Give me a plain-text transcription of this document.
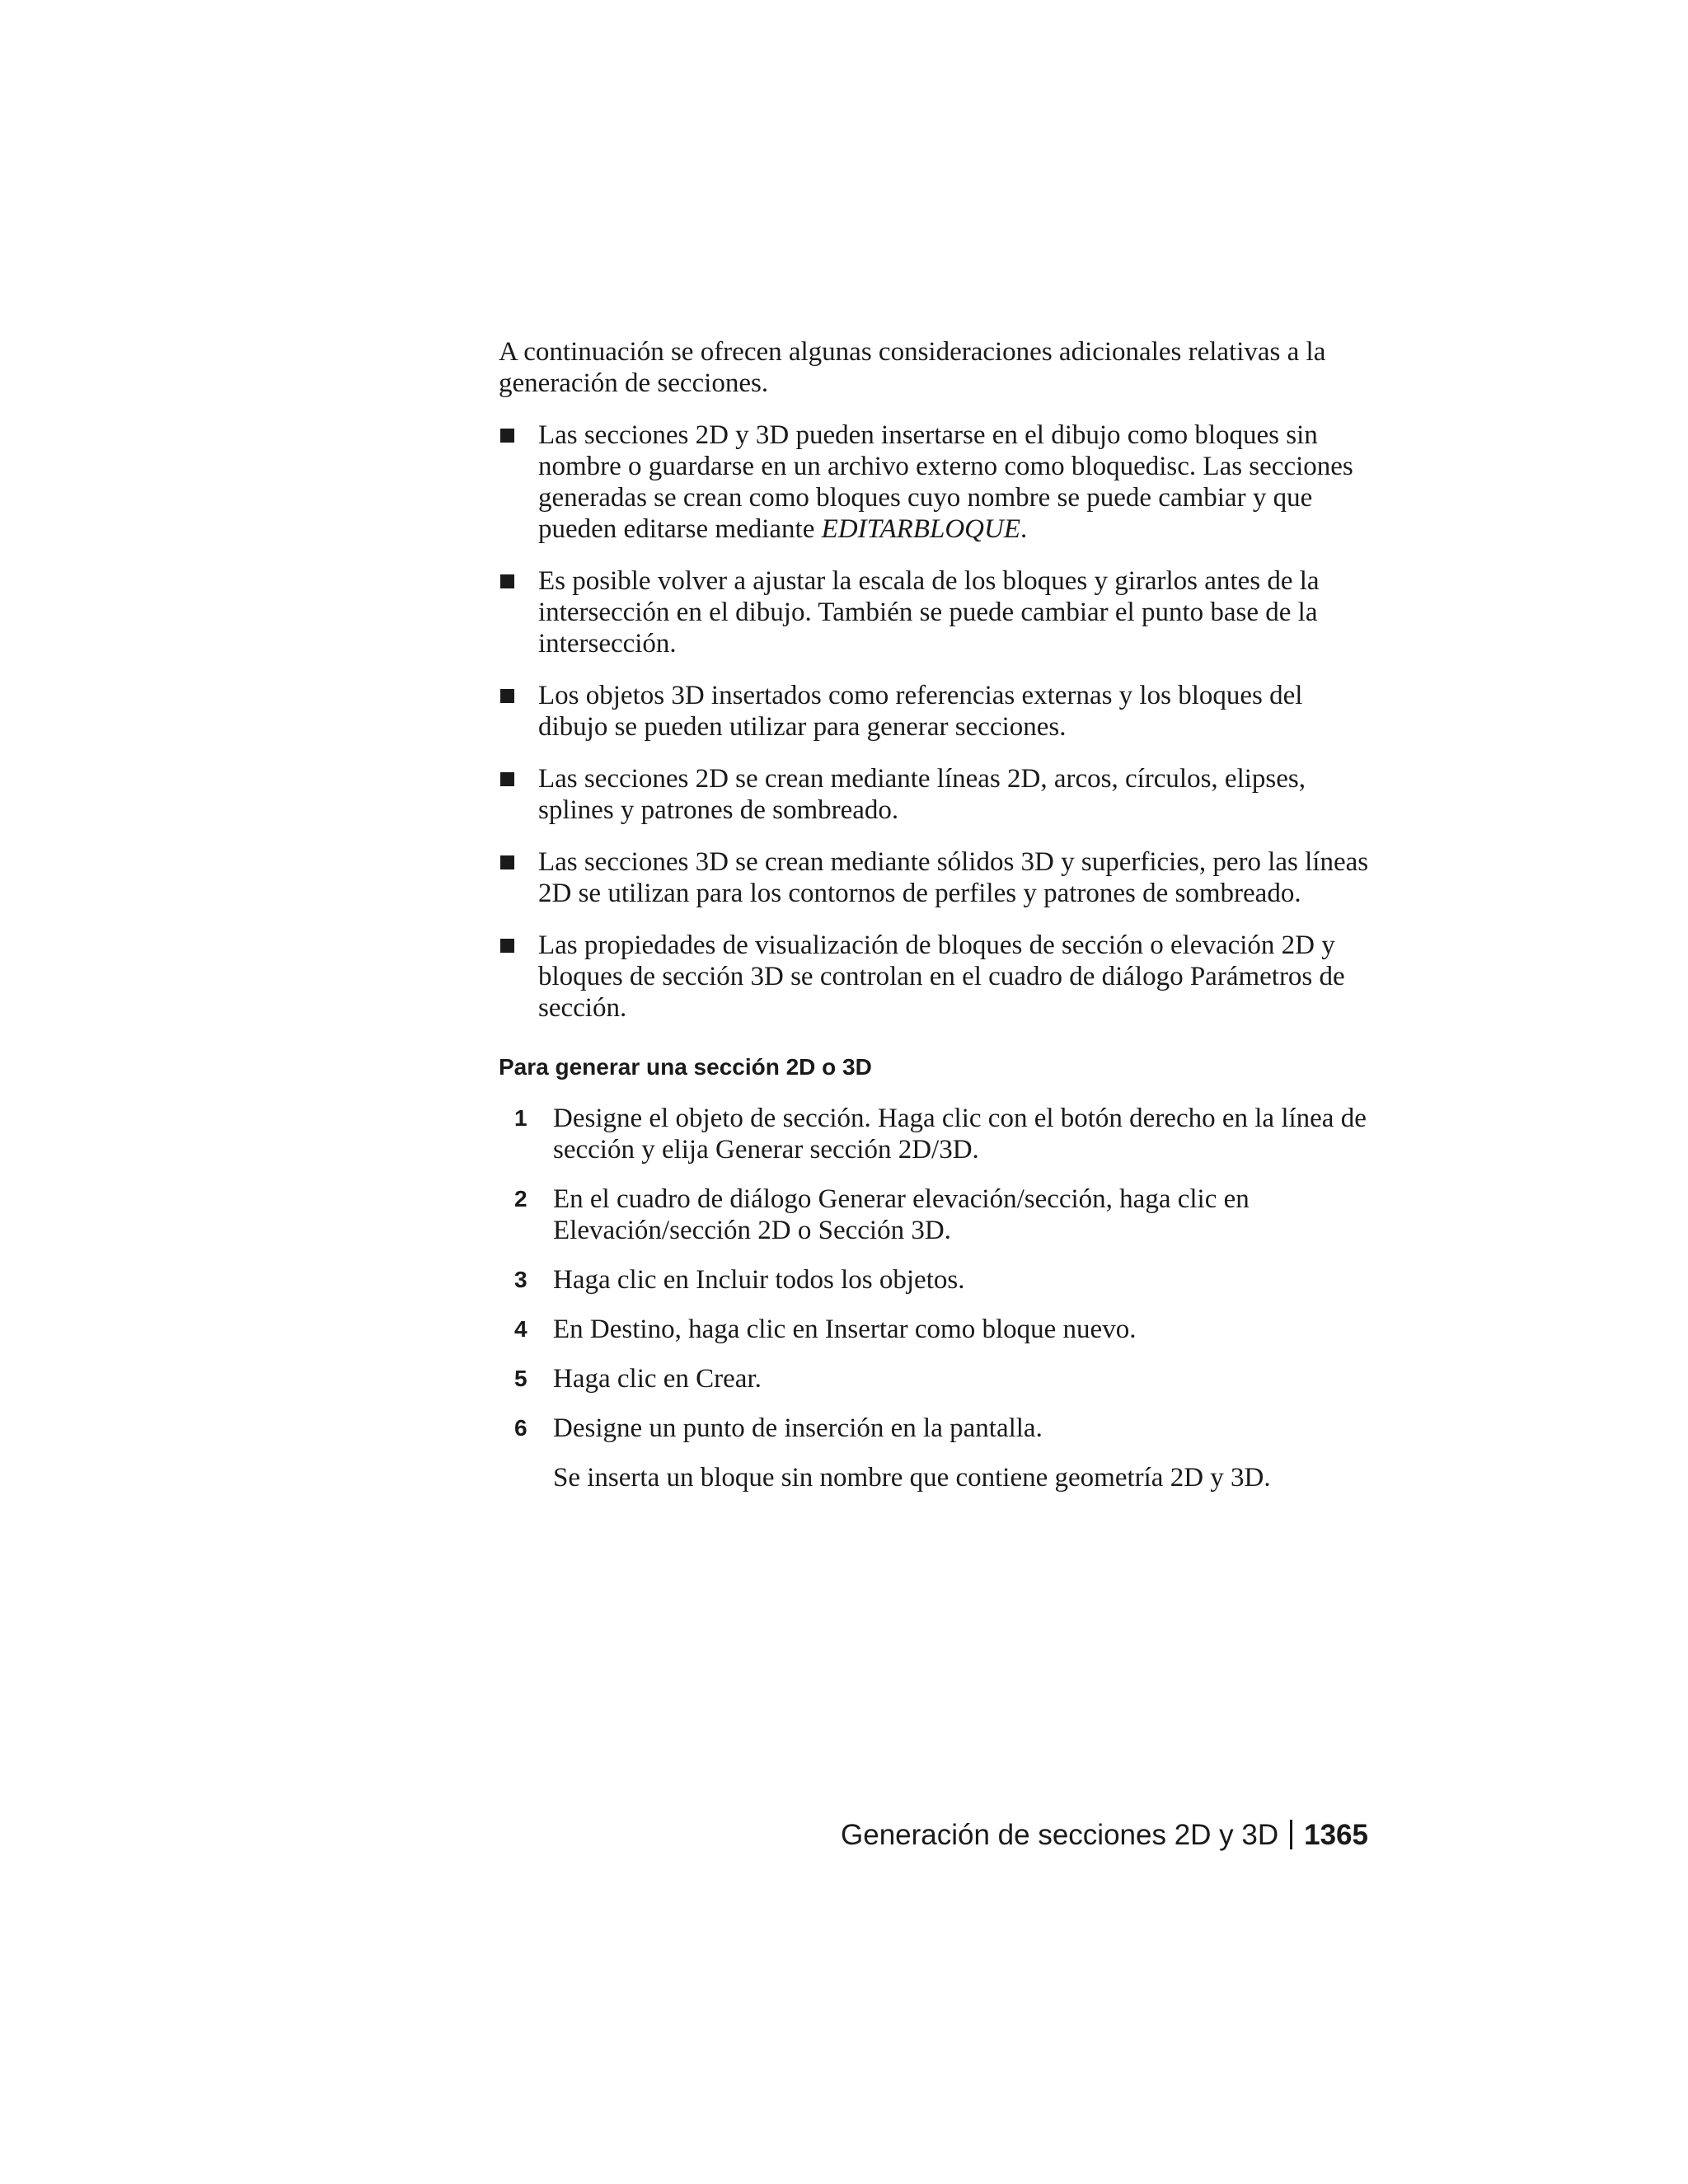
A continuación se ofrecen algunas consideraciones adicionales relativas a la generación de secciones.

Las secciones 2D y 3D pueden insertarse en el dibujo como bloques sin nombre o guardarse en un archivo externo como bloquedisc. Las secciones generadas se crean como bloques cuyo nombre se puede cambiar y que pueden editarse mediante EDITARBLOQUE.
Es posible volver a ajustar la escala de los bloques y girarlos antes de la intersección en el dibujo. También se puede cambiar el punto base de la intersección.
Los objetos 3D insertados como referencias externas y los bloques del dibujo se pueden utilizar para generar secciones.
Las secciones 2D se crean mediante líneas 2D, arcos, círculos, elipses, splines y patrones de sombreado.
Las secciones 3D se crean mediante sólidos 3D y superficies, pero las líneas 2D se utilizan para los contornos de perfiles y patrones de sombreado.
Las propiedades de visualización de bloques de sección o elevación 2D y bloques de sección 3D se controlan en el cuadro de diálogo Parámetros de sección.
Para generar una sección 2D o 3D
1 Designe el objeto de sección. Haga clic con el botón derecho en la línea de sección y elija Generar sección 2D/3D.
2 En el cuadro de diálogo Generar elevación/sección, haga clic en Elevación/sección 2D o Sección 3D.
3 Haga clic en Incluir todos los objetos.
4 En Destino, haga clic en Insertar como bloque nuevo.
5 Haga clic en Crear.
6 Designe un punto de inserción en la pantalla.
Se inserta un bloque sin nombre que contiene geometría 2D y 3D.
Generación de secciones 2D y 3D 1365
